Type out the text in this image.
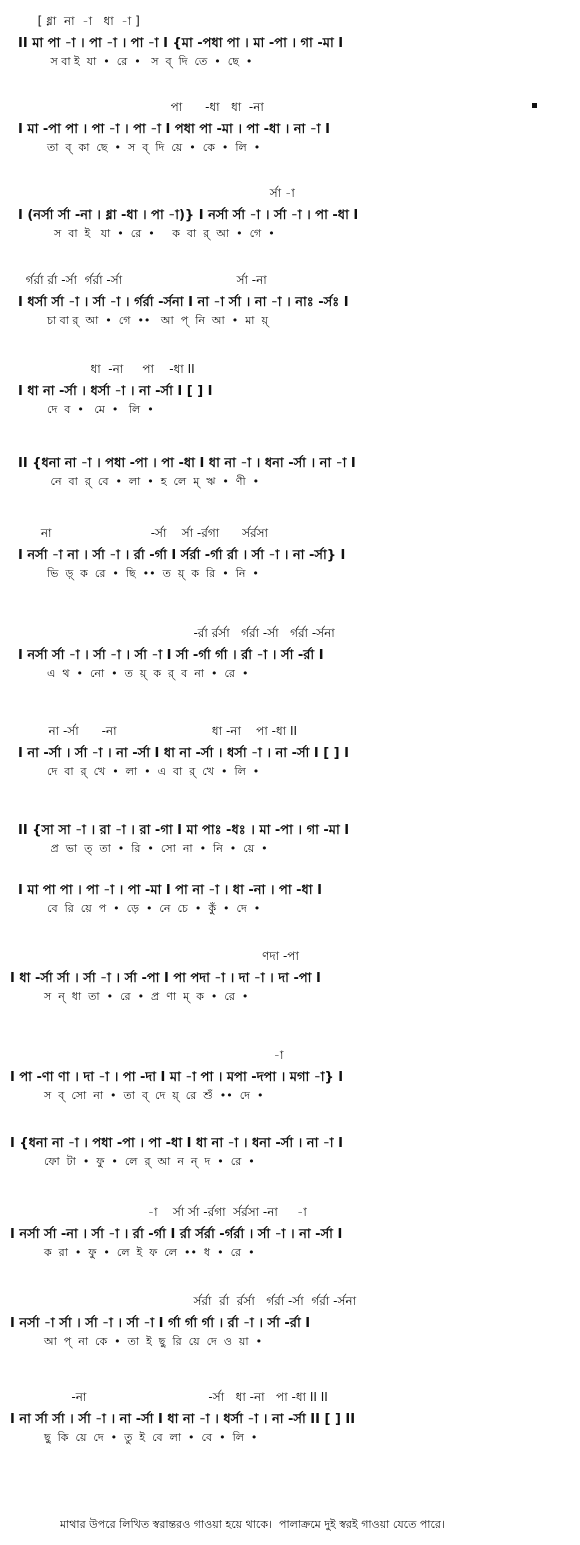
[ ধ্না  না  -া   ধা  -া ]
II মা পা -া । পা -া । পা -া I {মা -পধা পা । মা -পা । গা -মা I
স বা ই  যা  •  রে  •   স  ব্  দি  তে  •  ছে  •
পা      -ধা   ধা  -না
I মা -পা পা । পা -া । পা -া I পধা পা -মা । পা -ধা । না -া I
তা  ব্  কা  ছে  •  স  ব্  দি  য়ে  •  কে  •  লি  •
র্সা -া
I (নর্সা র্সা -না । ধ্না -ধা । পা -া)} I নর্সা র্সা -া । র্সা -া । পা -ধা I
স  বা  ই   যা  •  রে  •     ক  বা  র্  আ  •  গে  •
র্গর্রা র্রা -র্সা  র্গর্রা -র্সা                              র্সা -না
I ধর্সা র্সা -া । র্সা -া । র্গর্রা -র্সনা I না -া র্সা । না -া । নাঃ -র্সঃ I
চা বা র্  আ  •  গে  ••   আ  প্  নি  আ  •  মা  য়্
ধা  -না     পা    -ধা II
I ধা না -র্সা । ধর্সা -া । না -র্সা I [ ] I
দে  ব  •   মে  •   লি  •
II {ধনা না -া । পধা -পা । পা -ধা I ধা না -া । ধনা -র্সা । না -া I
নে  বা  র্  বে  •  লা  •  হ  লে  ম্  ঋ  •  ণী  •
না                          -র্সা    র্সা -র্রগা      র্সর্রসা
I নর্সা -া না । র্সা -া । র্রা -র্গা I র্সর্রা -র্গা র্রা । র্সা -া । না -র্সা} I
ভি  ড়্  ক  রে  •  ছি  ••  ত  য়্  ক  রি  •  নি  •
-র্রা র্রর্সা   র্গর্রা -র্সা   র্গর্রা -র্সনা
I নর্সা র্সা -া । র্সা -া । র্সা -া I র্সা -র্গা র্গা । র্রা -া । র্সা -র্রা I
এ  থ  •  নো  •  ত  য়্  ক  র্  ব  না  •  রে  •
না -র্সা      -না                         ধা -না    পা -ধা II
I না -র্সা । র্সা -া । না -র্সা I ধা না -র্সা । ধর্সা -া । না -র্সা I [ ] I
দে  বা  র্  খে  •  লা  •  এ  বা  র্  খে  •  লি  •
II {সা সা -া । রা -া । রা -গা I মা পাঃ -ধঃ । মা -পা । গা -মা I
প্র  ভা  ত্  তা  •  রি  •  সো  না  •  নি  •  য়ে  •
I মা পা পা । পা -া । পা -মা I পা না -া । ধা -না । পা -ধা I
বে  রি  য়ে  প  •  ড়ে  •  নে  চে  •  কুঁ  •  দে  •
ণদা -পা
I ধা -র্সা র্সা । র্সা -া । র্সা -পা I পা পদা -া । দা -া । দা -পা I
স  ন্  ধা  তা  •  রে  •  প্র  ণা  ম্  ক  •  রে  •
-া
I পা -ণা ণা । দা -া । পা -দা I মা -া পা । মপা -দপা । মগা -া} I
স  ব্  সো  না  •  তা  ব্  দে  য়্  রে  শুঁ  ••  দে  •
I {ধনা না -া । পধা -পা । পা -ধা I ধা না -া । ধনা -র্সা । না -া I
ফো  টা  •  ফু  •  লে  র্  আ  ন  ন্  দ  •  রে  •
-া    র্সা র্সা -র্রগা  র্সর্রসা -না     -া
I নর্সা র্সা -না । র্সা -া । র্রা -র্গা I র্রা র্সর্রা -র্গর্রা । র্সা -া । না -র্সা I
ক  রা  •  ফু  •  লে  ই  ফ  লে  ••  ধ  •  রে  •
র্সর্রা  র্রা  র্রর্সা   র্গর্রা -র্সা  র্গর্রা -র্সনা
I নর্সা -া র্সা । র্সা -া । র্সা -া I র্গা র্গা র্গা । র্রা -া । র্সা -র্রা I
আ  প্  না  কে  •  তা  ই  ছু  রি  য়ে  দে  ও  য়া  •
-না                                -র্সা   ধা -না   পা -ধা II II
I না র্সা র্সা । র্সা -া । না -র্সা I ধা না -া । ধর্সা -া । না -র্সা II [ ] II
ছু  কি  য়ে  দে  •  তু  ই  বে  লা  •  বে  •  লি  •
মাথার উপরে লিখিত স্বরান্তরও গাওয়া হয়ে থাকে।  পালাক্রমে দুই স্বরই গাওয়া যেতে পারে।
